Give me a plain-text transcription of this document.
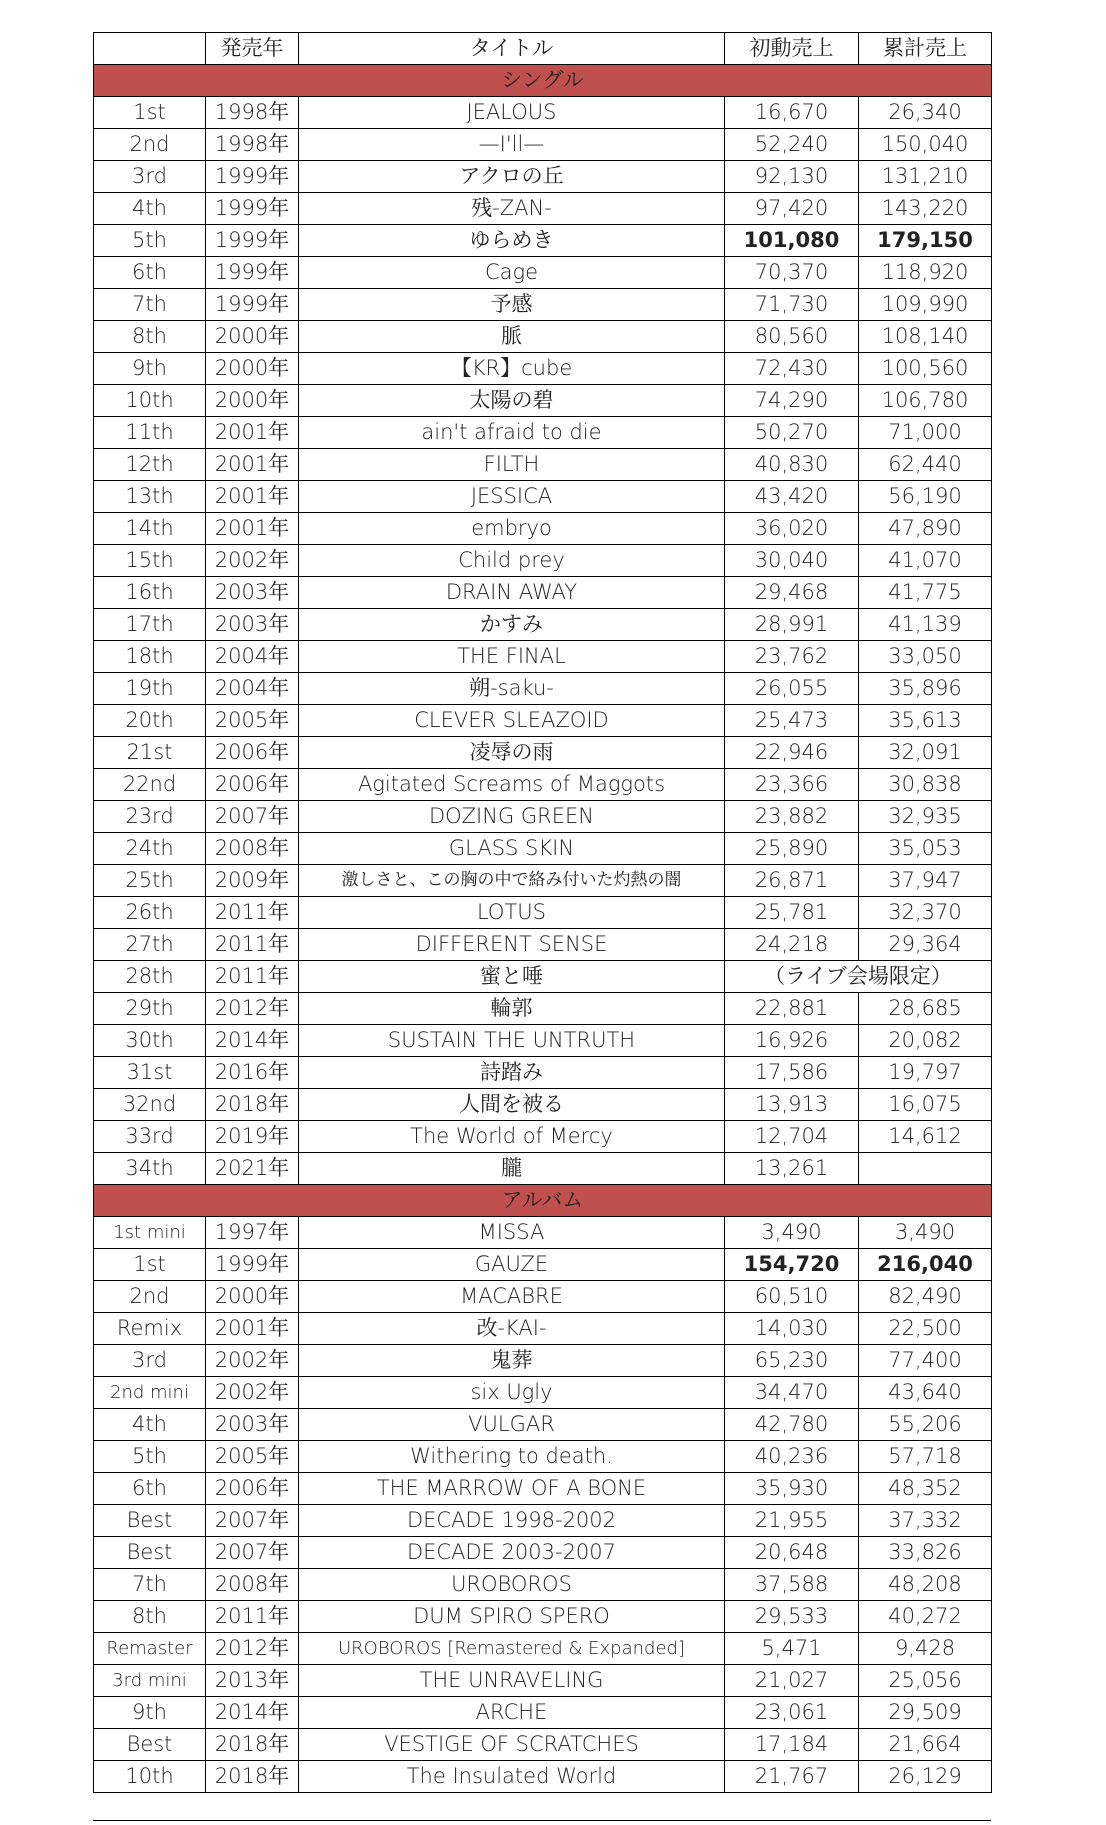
	発売年	タイトル	初動売上	累計売上
シングル				
1st	1998年	JEALOUS	16,670	26,340
2nd	1998年	—I'll—	52,240	150,040
3rd	1999年	アクロの丘	92,130	131,210
4th	1999年	残-ZAN-	97,420	143,220
5th	1999年	ゆらめき	101,080	179,150
6th	1999年	Cage	70,370	118,920
7th	1999年	予感	71,730	109,990
8th	2000年	脈	80,560	108,140
9th	2000年	【KR】cube	72,430	100,560
10th	2000年	太陽の碧	74,290	106,780
11th	2001年	ain't afraid to die	50,270	71,000
12th	2001年	FILTH	40,830	62,440
13th	2001年	JESSICA	43,420	56,190
14th	2001年	embryo	36,020	47,890
15th	2002年	Child prey	30,040	41,070
16th	2003年	DRAIN AWAY	29,468	41,775
17th	2003年	かすみ	28,991	41,139
18th	2004年	THE FINAL	23,762	33,050
19th	2004年	朔-saku-	26,055	35,896
20th	2005年	CLEVER SLEAZOID	25,473	35,613
21st	2006年	凌辱の雨	22,946	32,091
22nd	2006年	Agitated Screams of Maggots	23,366	30,838
23rd	2007年	DOZING GREEN	23,882	32,935
24th	2008年	GLASS SKIN	25,890	35,053
25th	2009年	激しさと、この胸の中で絡み付いた灼熱の闇	26,871	37,947
26th	2011年	LOTUS	25,781	32,370
27th	2011年	DIFFERENT SENSE	24,218	29,364
28th	2011年	蜜と唾	（ライブ会場限定）	
29th	2012年	輪郭	22,881	28,685
30th	2014年	SUSTAIN THE UNTRUTH	16,926	20,082
31st	2016年	詩踏み	17,586	19,797
32nd	2018年	人間を被る	13,913	16,075
33rd	2019年	The World of Mercy	12,704	14,612
34th	2021年	朧	13,261	
アルバム				
1st mini	1997年	MISSA	3,490	3,490
1st	1999年	GAUZE	154,720	216,040
2nd	2000年	MACABRE	60,510	82,490
Remix	2001年	改-KAI-	14,030	22,500
3rd	2002年	鬼葬	65,230	77,400
2nd mini	2002年	six Ugly	34,470	43,640
4th	2003年	VULGAR	42,780	55,206
5th	2005年	Withering to death.	40,236	57,718
6th	2006年	THE MARROW OF A BONE	35,930	48,352
Best	2007年	DECADE 1998-2002	21,955	37,332
Best	2007年	DECADE 2003-2007	20,648	33,826
7th	2008年	UROBOROS	37,588	48,208
8th	2011年	DUM SPIRO SPERO	29,533	40,272
Remaster	2012年	UROBOROS [Remastered & Expanded]	5,471	9,428
3rd mini	2013年	THE UNRAVELING	21,027	25,056
9th	2014年	ARCHE	23,061	29,509
Best	2018年	VESTIGE OF SCRATCHES	17,184	21,664
10th	2018年	The Insulated World	21,767	26,129
